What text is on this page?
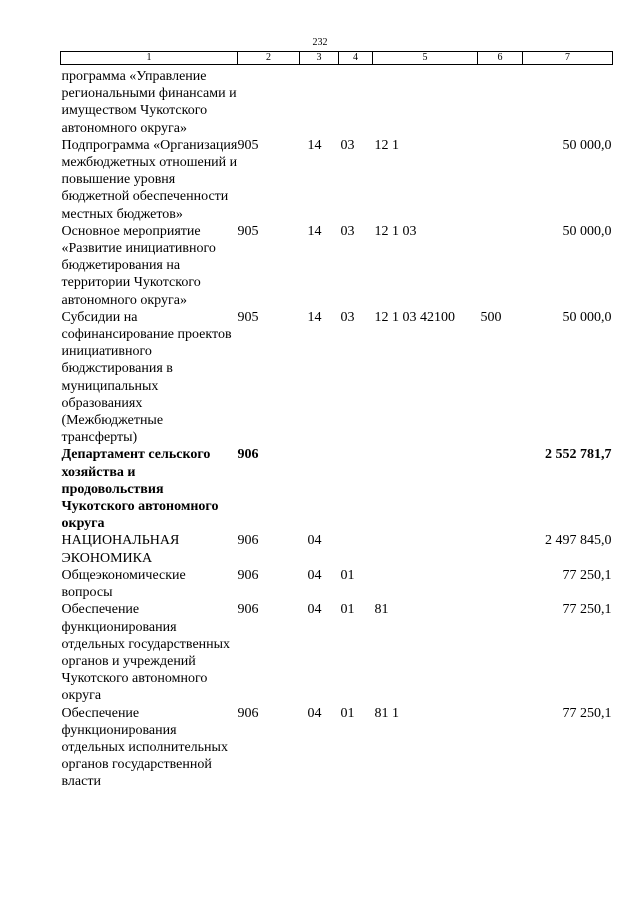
232
1	2	3	4	5	6	7
программа «Управление региональными финансами и имуществом Чукотского автономного округа»						
Подпрограмма «Организация межбюджетных отношений и повышение уровня бюджетной обеспеченности местных бюджетов»	905	14	03	12 1		50 000,0
Основное мероприятие «Развитие инициативного бюджетирования на территории Чукотского автономного округа»	905	14	03	12 1 03		50 000,0
Субсидии на софинансирование проектов инициативного бюджстирования в муниципальных образованиях (Межбюджетные трансферты)	905	14	03	12 1 03 42100	500	50 000,0
Департамент сельского хозяйства и продовольствия Чукотского автономного округа	906					2 552 781,7
НАЦИОНАЛЬНАЯ ЭКОНОМИКА	906	04				2 497 845,0
Общеэкономические вопросы	906	04	01			77 250,1
Обеспечение функционирования отдельных государственных органов и учреждений Чукотского автономного округа	906	04	01	81		77 250,1
Обеспечение функционирования отдельных исполнительных органов государственной власти	906	04	01	81 1		77 250,1
